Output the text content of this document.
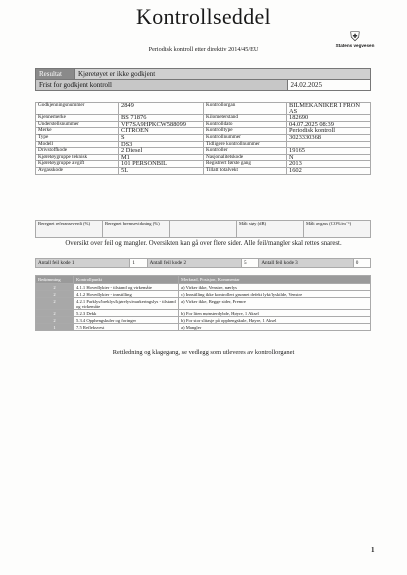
Kontrollseddel
Periodisk kontroll etter direktiv 2014/45/EU
⛨
Statens vegvesen
Resultat	Kjøretøyet er ikke godkjent	
Frist for godkjent kontroll		24.02.2025
Godkjenningsnummer	2849	Kontrollorgan	BILMEKANIKER I FRON AS
Kjennemerke	BS 71876	Kilometerstand	182690
Understellsnummer	VF7SA9HPKCW588099	Kontrolldato	04.07.2025 08:39
Merke	CITROEN	Kontrolltype	Periodisk kontroll
Type	S	Kontrollnummer	3023330368
Modell	DS3	Tidligere kontrollnummer	
Drivstoffkode	2 Diesel	Kontroller	19165
Kjøretøygruppe teknisk	M1	Nasjonalitetskode	N
Kjøretøygruppe avgift	101 PERSONBIL	Registrert første gang	2013
Avgasskode	5L	Tillatt totalvekt	1602
Beregnet referanseverdi (%)	Beregnet bremsevirkning (%)		Målt støy (dB)	Målt avgass (CO%/m⁻¹)
Oversikt over feil og mangler. Oversikten kan gå over flere sider. Alle feil/mangler skal rettes snarest.
Antall feil kode 1	1	Antall feil kode 2	5	Antall feil kode 3	0
Bedømming	Kontrollpunkt	Merknad, Posisjon, Kommentar
2	4.1.1 Hovedlykter - tilstand og virkemåte	a) Virker ikke, Venstre, nærlys
2	4.1.2 Hovedlykter - innstilling	c) Innstilling ikke kontrollert grunnet defekt lykt/lyskilde, Venstre
2	4.2.1 Parklys/breklys/kjørelys/markeringslys - tilstand og virkemåte	a) Virker ikke, Begge sider, Fremre
2	5.2.3 Dekk	b) For liten mønsterdybde, Høyre, 1 Aksel
2	5.3.4 Opphengskuler og foringer	b) For stor slitasje på opphengskule, Høyre, 1 Aksel
1	7.5 Refleksvest	a) Mangler
Rettledning og klagegang, se vedlegg som utleveres av kontrollorganet
1
